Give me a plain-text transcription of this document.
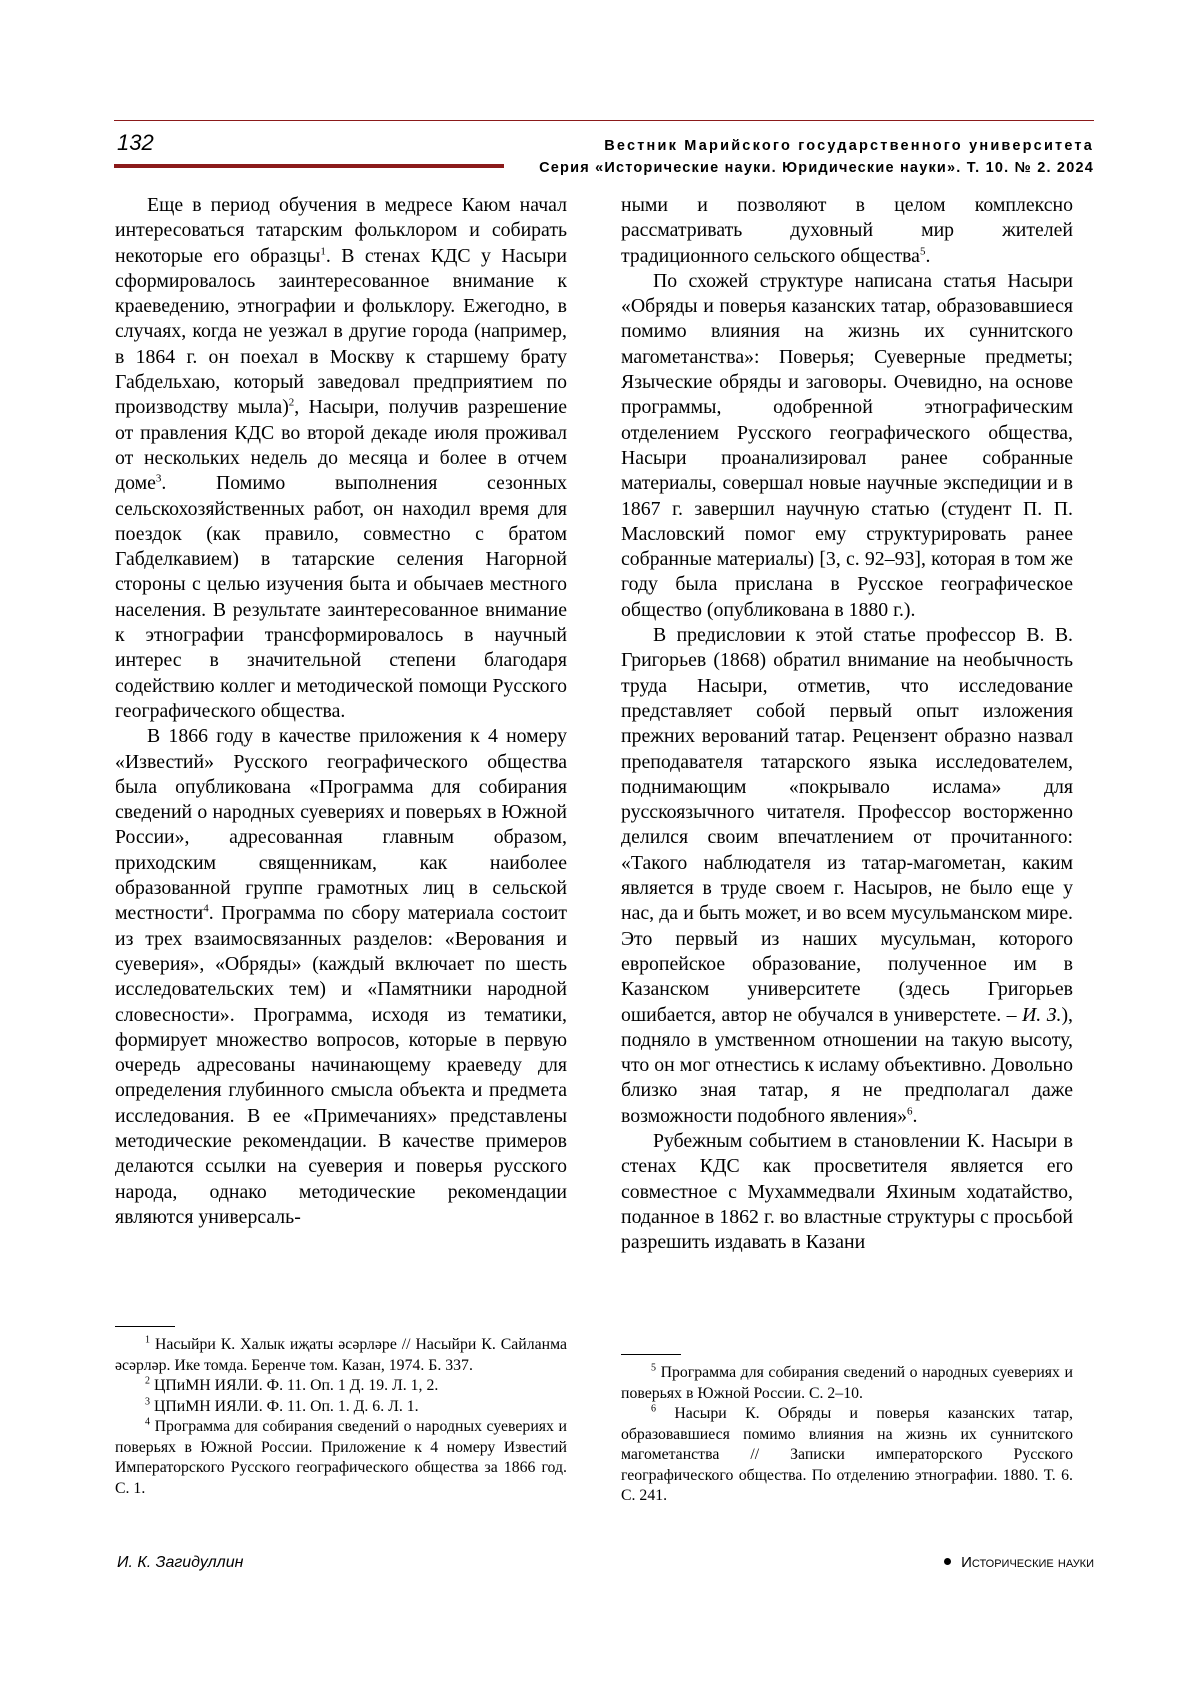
132	Вестник Марийского государственного университета
Серия «Исторические науки. Юридические науки». Т. 10. № 2. 2024

Еще в период обучения в медресе Каюм начал интересоваться татарским фольклором и собирать некоторые его образцы$^1$. В стенах КДС у Насыри сформировалось заинтересованное внимание к краеведению, этнографии и фольклору. Ежегодно, в случаях, когда не уезжал в другие города (например, в 1864 г. он поехал в Москву к старшему брату Габдельхаю, который заведовал предприятием по производству мыла)$^2$, Насыри, получив разрешение от правления КДС во второй декаде июля проживал от нескольких недель до месяца и более в отчем доме$^3$. Помимо выполнения сезонных сельскохозяйственных работ, он находил время для поездок (как правило, совместно с братом Габделкавием) в татарские селения Нагорной стороны с целью изучения быта и обычаев местного населения. В результате заинтересованное внимание к этнографии трансформировалось в научный интерес в значительной степени благодаря содействию коллег и методической помощи Русского географического общества.

В 1866 году в качестве приложения к 4 номеру «Известий» Русского географического общества была опубликована «Программа для собирания сведений о народных суевериях и поверьях в Южной России», адресованная главным образом, приходским священникам, как наиболее образованной группе грамотных лиц в сельской местности$^4$. Программа по сбору материала состоит из трех взаимосвязанных разделов: «Верования и суеверия», «Обряды» (каждый включает по шесть исследовательских тем) и «Памятники народной словесности». Программа, исходя из тематики, формирует множество вопросов, которые в первую очередь адресованы начинающему краеведу для определения глубинного смысла объекта и предмета исследования. В ее «Примечаниях» представлены методические рекомендации. В качестве примеров делаются ссылки на суеверия и поверья русского народа, однако методические рекомендации являются универсаль-

ными и позволяют в целом комплексно рассматривать духовный мир жителей традиционного сельского общества$^5$.

По схожей структуре написана статья Насыри «Обряды и поверья казанских татар, образовавшиеся помимо влияния на жизнь их суннитского магометанства»: Поверья; Суеверные предметы; Языческие обряды и заговоры. Очевидно, на основе программы, одобренной этнографическим отделением Русского географического общества, Насыри проанализировал ранее собранные материалы, совершал новые научные экспедиции и в 1867 г. завершил научную статью (студент П. П. Масловский помог ему структурировать ранее собранные материалы) [3, с. 92–93], которая в том же году была прислана в Русское географическое общество (опубликована в 1880 г.).

В предисловии к этой статье профессор В. В. Григорьев (1868) обратил внимание на необычность труда Насыри, отметив, что исследование представляет собой первый опыт изложения прежних верований татар. Рецензент образно назвал преподавателя татарского языка исследователем, поднимающим «покрывало ислама» для русскоязычного читателя. Профессор восторженно делился своим впечатлением от прочитанного: «Такого наблюдателя из татар-магометан, каким является в труде своем г. Насыров, не было еще у нас, да и быть может, и во всем мусульманском мире. Это первый из наших мусульман, которого европейское образование, полученное им в Казанском университете (здесь Григорьев ошибается, автор не обучался в универстете. – И. З.), подняло в умственном отношении на такую высоту, что он мог отнестись к исламу объективно. Довольно близко зная татар, я не предполагал даже возможности подобного явления»$^6$.

Рубежным событием в становлении К. Насыри в стенах КДС как просветителя является его совместное с Мухаммедвали Яхиным ходатайство, поданное в 1862 г. во властные структуры с просьбой разрешить издавать в Казани

$^1$ Насыйри К. Халык иҗаты әсәрләре // Насыйри К. Сайланма әсәрләр. Ике томда. Беренче том. Казан, 1974. Б. 337.

$^2$ ЦПиМН ИЯЛИ. Ф. 11. Оп. 1 Д. 19. Л. 1, 2.

$^3$ ЦПиМН ИЯЛИ. Ф. 11. Оп. 1. Д. 6. Л. 1.

$^4$ Программа для собирания сведений о народных суевериях и поверьях в Южной России. Приложение к 4 номеру Известий Императорского Русского географического общества за 1866 год. С. 1.

$^5$ Программа для собирания сведений о народных суевериях и поверьях в Южной России. С. 2–10.

$^6$ Насыри К. Обряды и поверья казанских татар, образовавшиеся помимо влияния на жизнь их суннитского магометанства // Записки императорского Русского географического общества. По отделению этнографии. 1880. Т. 6. С. 241.

И. К. Загидуллин	Исторические науки
